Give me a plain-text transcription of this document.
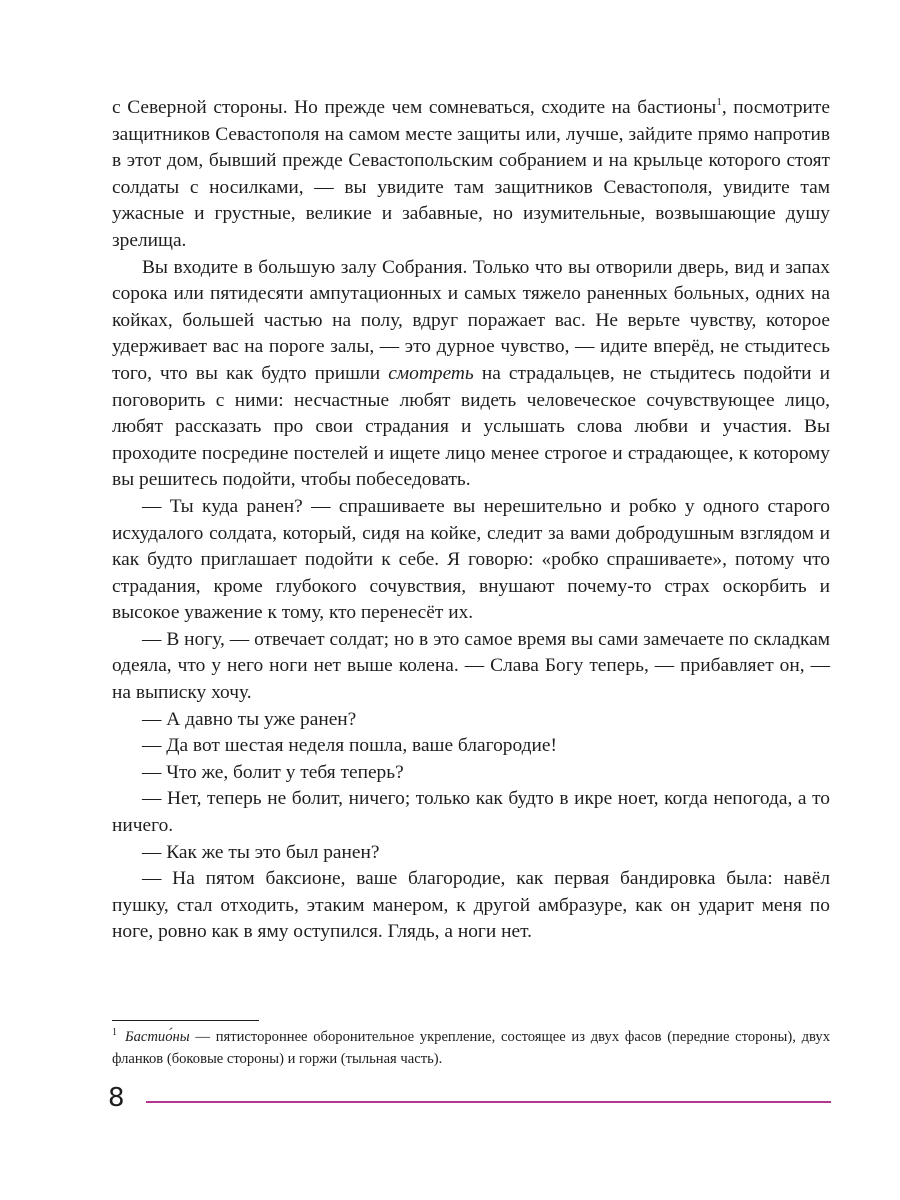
с Северной стороны. Но прежде чем сомневаться, сходите на бастионы$^1$, посмотрите защитников Севастополя на самом месте защиты или, лучше, зайдите прямо напротив в этот дом, бывший прежде Севастопольским собранием и на крыльце которого стоят солдаты с носилками, — вы увидите там защитников Севастополя, увидите там ужасные и грустные, великие и забавные, но изумительные, возвышающие душу зрелища.

Вы входите в большую залу Собрания. Только что вы отворили дверь, вид и запах сорока или пятидесяти ампутационных и самых тяжело раненных больных, одних на койках, большей частью на полу, вдруг поражает вас. Не верьте чувству, которое удерживает вас на пороге залы, — это дурное чувство, — идите вперёд, не стыдитесь того, что вы как будто пришли смотреть на страдальцев, не стыдитесь подойти и поговорить с ними: несчастные любят видеть человеческое сочувствующее лицо, любят рассказать про свои страдания и услышать слова любви и участия. Вы проходите посредине постелей и ищете лицо менее строгое и страдающее, к которому вы решитесь подойти, чтобы побеседовать.

— Ты куда ранен? — спрашиваете вы нерешительно и робко у одного старого исхудалого солдата, который, сидя на койке, следит за вами добродушным взглядом и как будто приглашает подойти к себе. Я говорю: «робко спрашиваете», потому что страдания, кроме глубокого сочувствия, внушают почему-то страх оскорбить и высокое уважение к тому, кто перенесёт их.

— В ногу, — отвечает солдат; но в это самое время вы сами замечаете по складкам одеяла, что у него ноги нет выше колена. — Слава Богу теперь, — прибавляет он, — на выписку хочу.

— А давно ты уже ранен?

— Да вот шестая неделя пошла, ваше благородие!

— Что же, болит у тебя теперь?

— Нет, теперь не болит, ничего; только как будто в икре ноет, когда непогода, а то ничего.

— Как же ты это был ранен?

— На пятом баксионе, ваше благородие, как первая бандировка была: навёл пушку, стал отходить, этаким манером, к другой амбразуре, как он ударит меня по ноге, ровно как в яму оступился. Глядь, а ноги нет.

$^1$ Бастио́ны — пятистороннее оборонительное укрепление, состоящее из двух фасов (передние стороны), двух фланков (боковые стороны) и горжи (тыльная часть).
8
